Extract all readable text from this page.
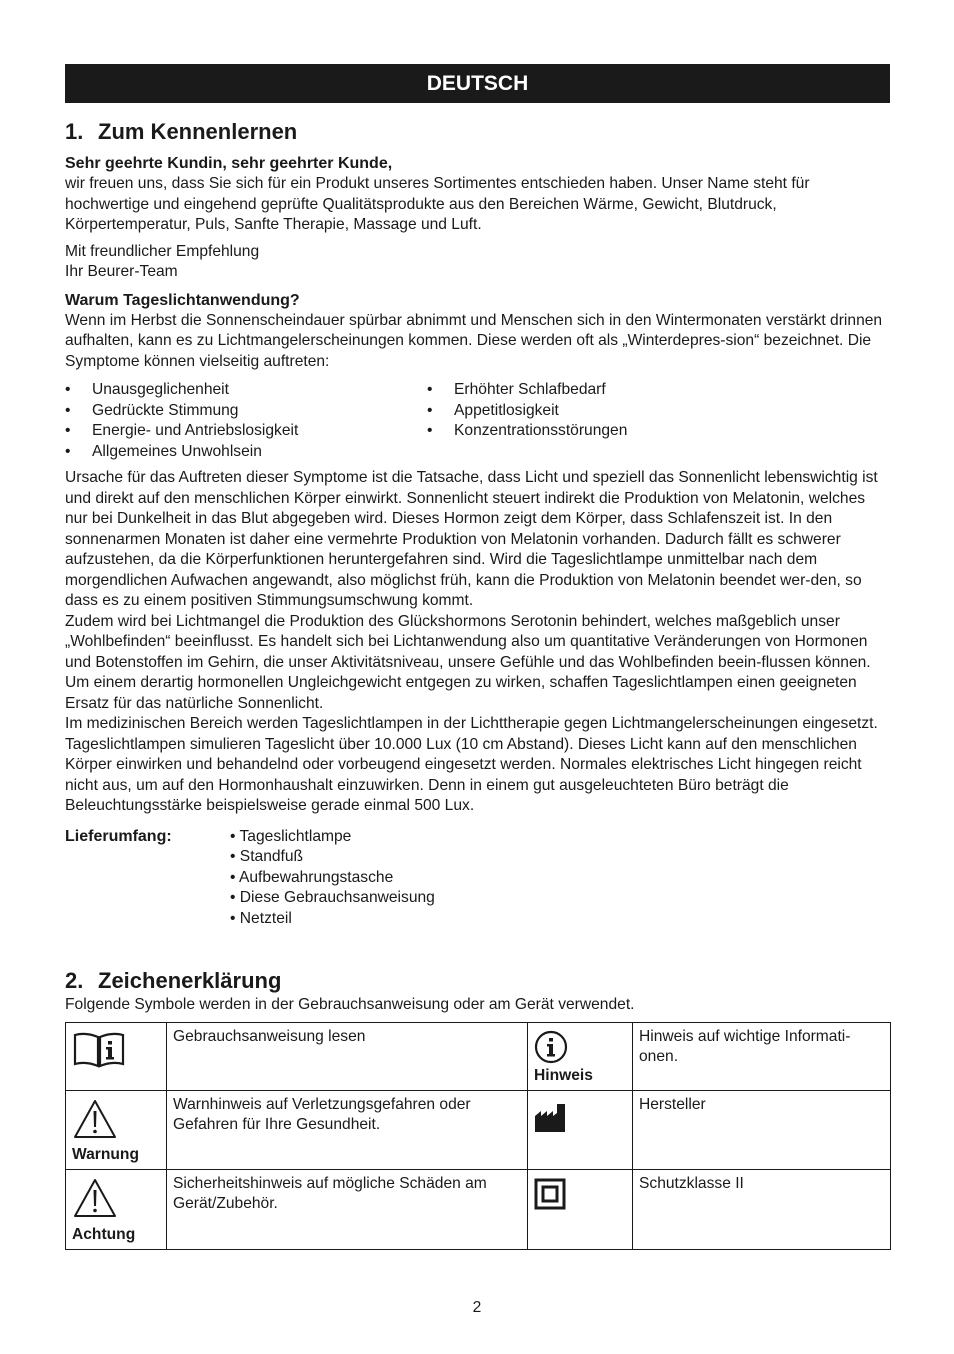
DEUTSCH
1. Zum Kennenlernen
Sehr geehrte Kundin, sehr geehrter Kunde,

wir freuen uns, dass Sie sich für ein Produkt unseres Sortimentes entschieden haben. Unser Name steht für hochwertige und eingehend geprüfte Qualitätsprodukte aus den Bereichen Wärme, Gewicht, Blutdruck, Körpertemperatur, Puls, Sanfte Therapie, Massage und Luft.

Mit freundlicher Empfehlung

Ihr Beurer-Team

Warum Tageslichtanwendung?

Wenn im Herbst die Sonnenscheindauer spürbar abnimmt und Menschen sich in den Wintermonaten verstärkt drinnen aufhalten, kann es zu Lichtmangelerscheinungen kommen. Diese werden oft als „Winterdepres-sion“ bezeichnet. Die Symptome können vielseitig auftreten:

• Unausgeglichenheit
• Gedrückte Stimmung
• Energie- und Antriebslosigkeit
• Allgemeines Unwohlsein
• Erhöhter Schlafbedarf
• Appetitlosigkeit
• Konzentrationsstörungen

Ursache für das Auftreten dieser Symptome ist die Tatsache, dass Licht und speziell das Sonnenlicht lebenswichtig ist und direkt auf den menschlichen Körper einwirkt. Sonnenlicht steuert indirekt die Produktion von Melatonin, welches nur bei Dunkelheit in das Blut abgegeben wird. Dieses Hormon zeigt dem Körper, dass Schlafenszeit ist. In den sonnenarmen Monaten ist daher eine vermehrte Produktion von Melatonin vorhanden. Dadurch fällt es schwerer aufzustehen, da die Körperfunktionen heruntergefahren sind. Wird die Tageslichtlampe unmittelbar nach dem morgendlichen Aufwachen angewandt, also möglichst früh, kann die Produktion von Melatonin beendet wer-den, so dass es zu einem positiven Stimmungsumschwung kommt.

Zudem wird bei Lichtmangel die Produktion des Glückshormons Serotonin behindert, welches maßgeblich unser „Wohlbefinden“ beeinflusst. Es handelt sich bei Lichtanwendung also um quantitative Veränderungen von Hormonen und Botenstoffen im Gehirn, die unser Aktivitätsniveau, unsere Gefühle und das Wohlbefinden beein-flussen können. Um einem derartig hormonellen Ungleichgewicht entgegen zu wirken, schaffen Tageslichtlampen einen geeigneten Ersatz für das natürliche Sonnenlicht.

Im medizinischen Bereich werden Tageslichtlampen in der Lichttherapie gegen Lichtmangelerscheinungen eingesetzt. Tageslichtlampen simulieren Tageslicht über 10.000 Lux (10 cm Abstand). Dieses Licht kann auf den menschlichen Körper einwirken und behandelnd oder vorbeugend eingesetzt werden. Normales elektrisches Licht hingegen reicht nicht aus, um auf den Hormonhaushalt einzuwirken. Denn in einem gut ausgeleuchteten Büro beträgt die Beleuchtungsstärke beispielsweise gerade einmal 500 Lux.

Lieferumfang:	• Tageslichtlampe
• Standfuß
• Aufbewahrungstasche
• Diese Gebrauchsanweisung
• Netzteil
2. Zeichenerklärung

Folgende Symbole werden in der Gebrauchsanweisung oder am Gerät verwendet.

	Gebrauchsanweisung lesen	Hinweis	Hinweis auf wichtige Informati-onen.

Warnung	Warnhinweis auf Verletzungsgefahren oder Gefahren für Ihre Gesundheit.		Hersteller

Achtung	Sicherheitshinweis auf mögliche Schäden am Gerät/Zubehör.		Schutzklasse II
2
